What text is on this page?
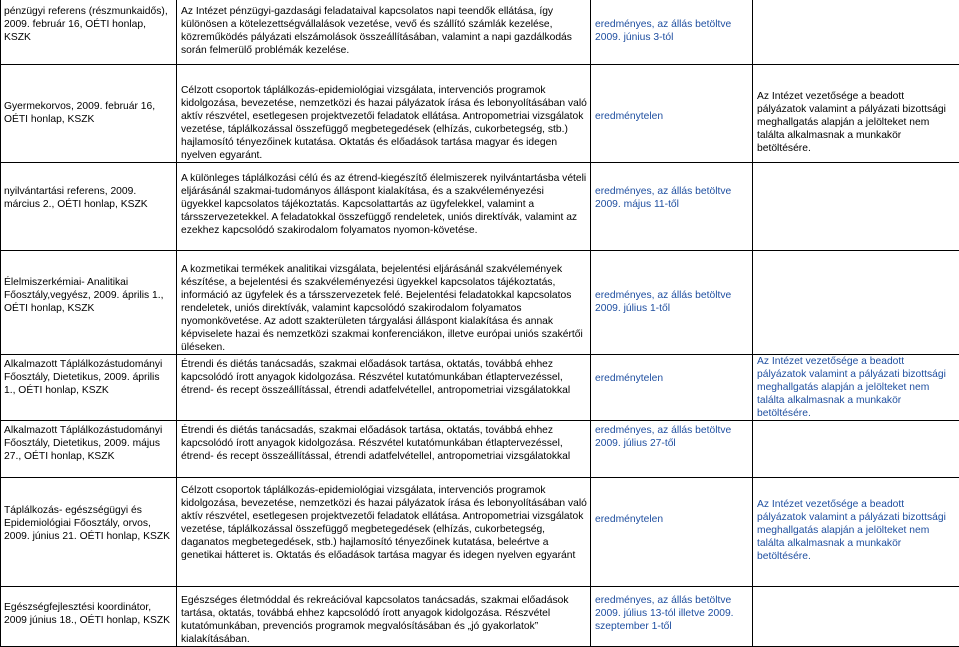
pénzügyi referens (részmunkaidős), 2009. február 16, OÉTI honlap, KSZK	Az Intézet pénzügyi-gazdasági feladataival kapcsolatos napi teendők ellátása, így különösen a kötelezettségvállalások vezetése, vevő és szállító számlák kezelése, közreműködés pályázati elszámolások összeállításában, valamint a napi gazdálkodás során felmerülő problémák kezelése.	eredményes, az állás betöltve 2009. június 3-tól	
Gyermekorvos, 2009. február 16, OÉTI honlap, KSZK	Célzott csoportok táplálkozás-epidemiológiai vizsgálata, intervenciós programok kidolgozása, bevezetése, nemzetközi és hazai pályázatok írása és lebonyolításában való aktív részvétel, esetlegesen projektvezetői feladatok ellátása. Antropometriai vizsgálatok vezetése, táplálkozással összefüggő megbetegedések (elhízás, cukorbetegség, stb.) hajlamosító tényezőinek kutatása. Oktatás és előadások tartása magyar és idegen nyelven egyaránt.	eredménytelen	Az Intézet vezetősége a beadott pályázatok valamint a pályázati bizottsági meghallgatás alapján a jelölteket nem találta alkalmasnak a munkakör betöltésére.
nyilvántartási referens, 2009. március 2., OÉTI honlap, KSZK	A különleges táplálkozási célú és az étrend-kiegészítő élelmiszerek nyilvántartásba vételi eljárásánál szakmai-tudományos álláspont kialakítása, és a szakvéleményezési ügyekkel kapcsolatos tájékoztatás. Kapcsolattartás az ügyfelekkel, valamint a társszervezetekkel. A feladatokkal összefüggő rendeletek, uniós direktívák, valamint az ezekhez kapcsolódó szakirodalom folyamatos nyomon-követése.	eredményes, az állás betöltve 2009. május 11-től	
Élelmiszerkémiai- Analitikai Főosztály,vegyész, 2009. április 1., OÉTI honlap, KSZK	A kozmetikai termékek analitikai vizsgálata, bejelentési eljárásánál szakvélemények készítése, a bejelentési és szakvéleményezési ügyekkel kapcsolatos tájékoztatás, információ az ügyfelek és a társszervezetek felé. Bejelentési feladatokkal kapcsolatos rendeletek, uniós direktívák, valamint kapcsolódó szakirodalom folyamatos nyomonkövetése. Az adott szakterületen tárgyalási álláspont kialakítása és annak képviselete hazai és nemzetközi szakmai konferenciákon, illetve európai uniós szakértői üléseken.	eredményes, az állás betöltve 2009. július 1-től	
Alkalmazott Táplálkozástudományi Főosztály, Dietetikus, 2009. április 1., OÉTI honlap, KSZK	Étrendi és diétás tanácsadás, szakmai előadások tartása, oktatás, továbbá ehhez kapcsolódó írott anyagok kidolgozása. Részvétel kutatómunkában étlaptervezéssel, étrend- és recept összeállítással, étrendi adatfelvétellel, antropometriai vizsgálatokkal	eredménytelen	Az Intézet vezetősége a beadott pályázatok valamint a pályázati bizottsági meghallgatás alapján a jelölteket nem találta alkalmasnak a munkakör betöltésére.
Alkalmazott Táplálkozástudományi Főosztály, Dietetikus, 2009. május 27., OÉTI honlap, KSZK	Étrendi és diétás tanácsadás, szakmai előadások tartása, oktatás, továbbá ehhez kapcsolódó írott anyagok kidolgozása. Részvétel kutatómunkában étlaptervezéssel, étrend- és recept összeállítással, étrendi adatfelvétellel, antropometriai vizsgálatokkal	eredményes, az állás betöltve 2009. július 27-től	
Táplálkozás- egészségügyi és Epidemiológiai Főosztály, orvos, 2009. június 21. OÉTI honlap, KSZK	Célzott csoportok táplálkozás-epidemiológiai vizsgálata, intervenciós programok kidolgozása, bevezetése, nemzetközi és hazai pályázatok írása és lebonyolításában való aktív részvétel, esetlegesen projektvezetői feladatok ellátása. Antropometriai vizsgálatok vezetése, táplálkozással összefüggő megbetegedések (elhízás, cukorbetegség, daganatos megbetegedések, stb.) hajlamosító tényezőinek kutatása, beleértve a genetikai hátteret is. Oktatás és előadások tartása magyar és idegen nyelven egyaránt	eredménytelen	Az Intézet vezetősége a beadott pályázatok valamint a pályázati bizottsági meghallgatás alapján a jelölteket nem találta alkalmasnak a munkakör betöltésére.
Egészségfejlesztési koordinátor, 2009 június 18., OÉTI honlap, KSZK	Egészséges életmóddal és rekreációval kapcsolatos tanácsadás, szakmai előadások tartása, oktatás, továbbá ehhez kapcsolódó írott anyagok kidolgozása. Részvétel kutatómunkában, prevenciós programok megvalósításában és „jó gyakorlatok” kialakításában.	eredményes, az állás betöltve 2009. július 13-tól illetve 2009. szeptember 1-től	
